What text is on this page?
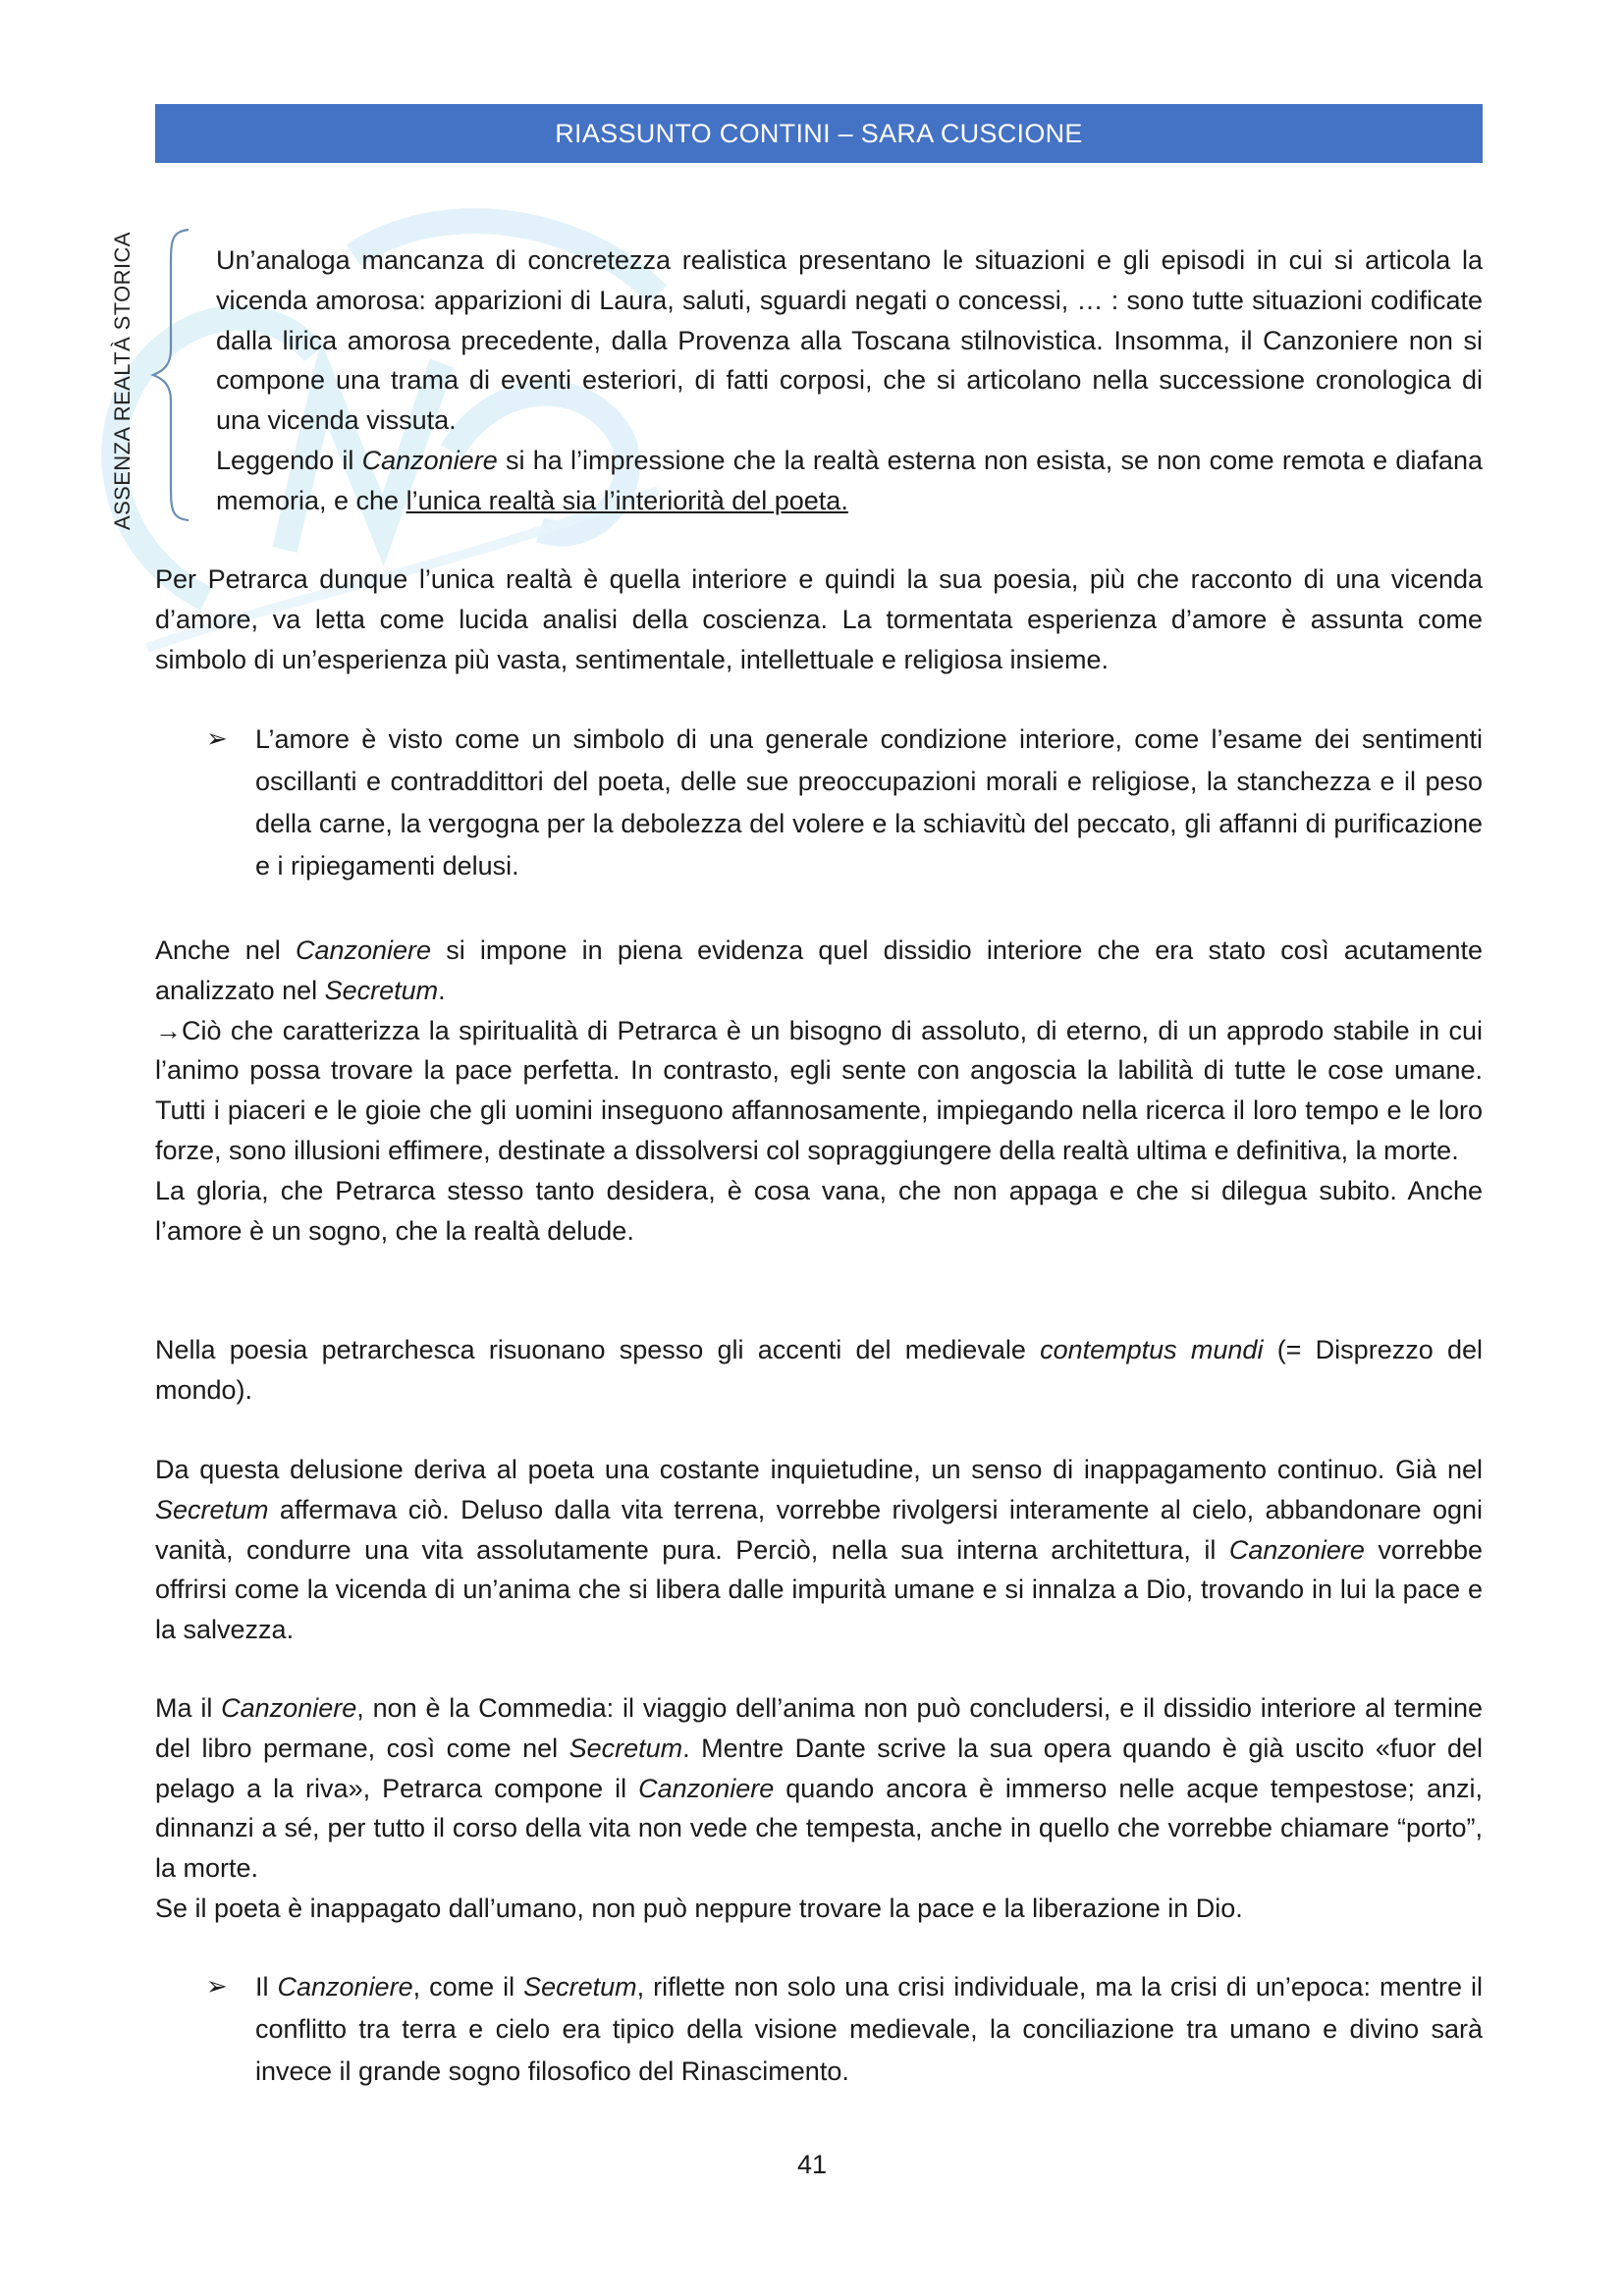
RIASSUNTO CONTINI – SARA CUSCIONE
ASSENZA REALTÀ STORICA	Un’analoga mancanza di concretezza realistica presentano le situazioni e gli episodi in cui si articola la vicenda amorosa: apparizioni di Laura, saluti, sguardi negati o concessi, … : sono tutte situazioni codificate dalla lirica amorosa precedente, dalla Provenza alla Toscana stilnovistica. Insomma, il Canzoniere non si compone una trama di eventi esteriori, di fatti corposi, che si articolano nella successione cronologica di una vicenda vissuta.

Leggendo il Canzoniere si ha l’impressione che la realtà esterna non esista, se non come remota e diafana memoria, e che l’unica realtà sia l’interiorità del poeta.

Per Petrarca dunque l’unica realtà è quella interiore e quindi la sua poesia, più che racconto di una vicenda d’amore, va letta come lucida analisi della coscienza. La tormentata esperienza d’amore è assunta come simbolo di un’esperienza più vasta, sentimentale, intellettuale e religiosa insieme.

➢ L’amore è visto come un simbolo di una generale condizione interiore, come l’esame dei sentimenti oscillanti e contraddittori del poeta, delle sue preoccupazioni morali e religiose, la stanchezza e il peso della carne, la vergogna per la debolezza del volere e la schiavitù del peccato, gli affanni di purificazione e i ripiegamenti delusi.

Anche nel Canzoniere si impone in piena evidenza quel dissidio interiore che era stato così acutamente analizzato nel Secretum.

→Ciò che caratterizza la spiritualità di Petrarca è un bisogno di assoluto, di eterno, di un approdo stabile in cui l’animo possa trovare la pace perfetta. In contrasto, egli sente con angoscia la labilità di tutte le cose umane. Tutti i piaceri e le gioie che gli uomini inseguono affannosamente, impiegando nella ricerca il loro tempo e le loro forze, sono illusioni effimere, destinate a dissolversi col sopraggiungere della realtà ultima e definitiva, la morte.

La gloria, che Petrarca stesso tanto desidera, è cosa vana, che non appaga e che si dilegua subito. Anche l’amore è un sogno, che la realtà delude.

Nella poesia petrarchesca risuonano spesso gli accenti del medievale contemptus mundi (= Disprezzo del mondo).

Da questa delusione deriva al poeta una costante inquietudine, un senso di inappagamento continuo. Già nel Secretum affermava ciò. Deluso dalla vita terrena, vorrebbe rivolgersi interamente al cielo, abbandonare ogni vanità, condurre una vita assolutamente pura. Perciò, nella sua interna architettura, il Canzoniere vorrebbe offrirsi come la vicenda di un’anima che si libera dalle impurità umane e si innalza a Dio, trovando in lui la pace e la salvezza.

Ma il Canzoniere, non è la Commedia: il viaggio dell’anima non può concludersi, e il dissidio interiore al termine del libro permane, così come nel Secretum. Mentre Dante scrive la sua opera quando è già uscito «fuor del pelago a la riva», Petrarca compone il Canzoniere quando ancora è immerso nelle acque tempestose; anzi, dinnanzi a sé, per tutto il corso della vita non vede che tempesta, anche in quello che vorrebbe chiamare “porto”, la morte.

Se il poeta è inappagato dall’umano, non può neppure trovare la pace e la liberazione in Dio.

➢ Il Canzoniere, come il Secretum, riflette non solo una crisi individuale, ma la crisi di un’epoca: mentre il conflitto tra terra e cielo era tipico della visione medievale, la conciliazione tra umano e divino sarà invece il grande sogno filosofico del Rinascimento.

41
